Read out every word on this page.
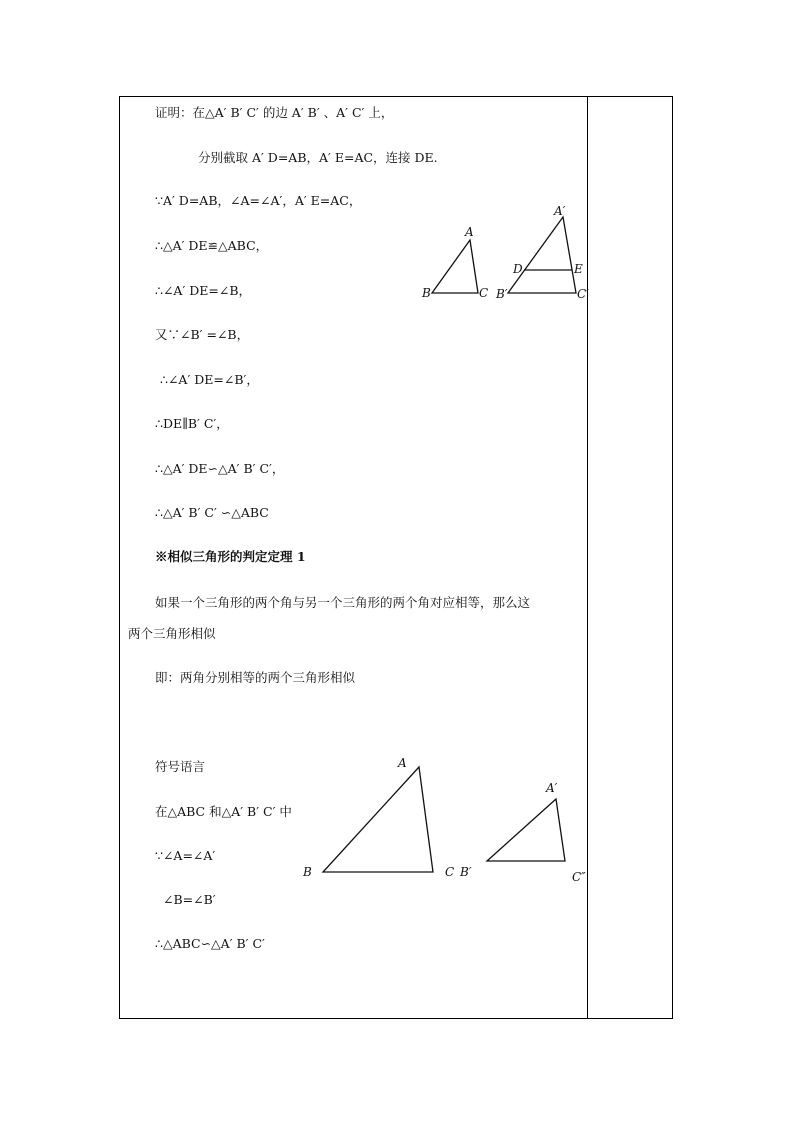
证明：在△A′ B′ C′ 的边 A′ B′ 、A′ C′ 上，
分别截取 A′ D=AB，A′ E=AC，连接 DE.
∵A′ D=AB，∠A=∠A′，A′ E=AC，
∴△A′ DE≌△ABC，
∴∠A′ DE=∠B，
又∵∠B′ =∠B，
∴∠A′ DE=∠B′，
∴DE∥B′ C′，
∴△A′ DE∽△A′ B′ C′，
∴△A′ B′ C′ ∽△ABC
※相似三角形的判定定理 1
如果一个三角形的两个角与另一个三角形的两个角对应相等，那么这
两个三角形相似
即：两角分别相等的两个三角形相似
符号语言
在△ABC 和△A′ B′ C′ 中
∵∠A=∠A′
∠B=∠B′
∴△ABC∽△A′ B′ C′
A
B	C
A′
B′	C′
D	E
A
B	C
A′
B′	C″
